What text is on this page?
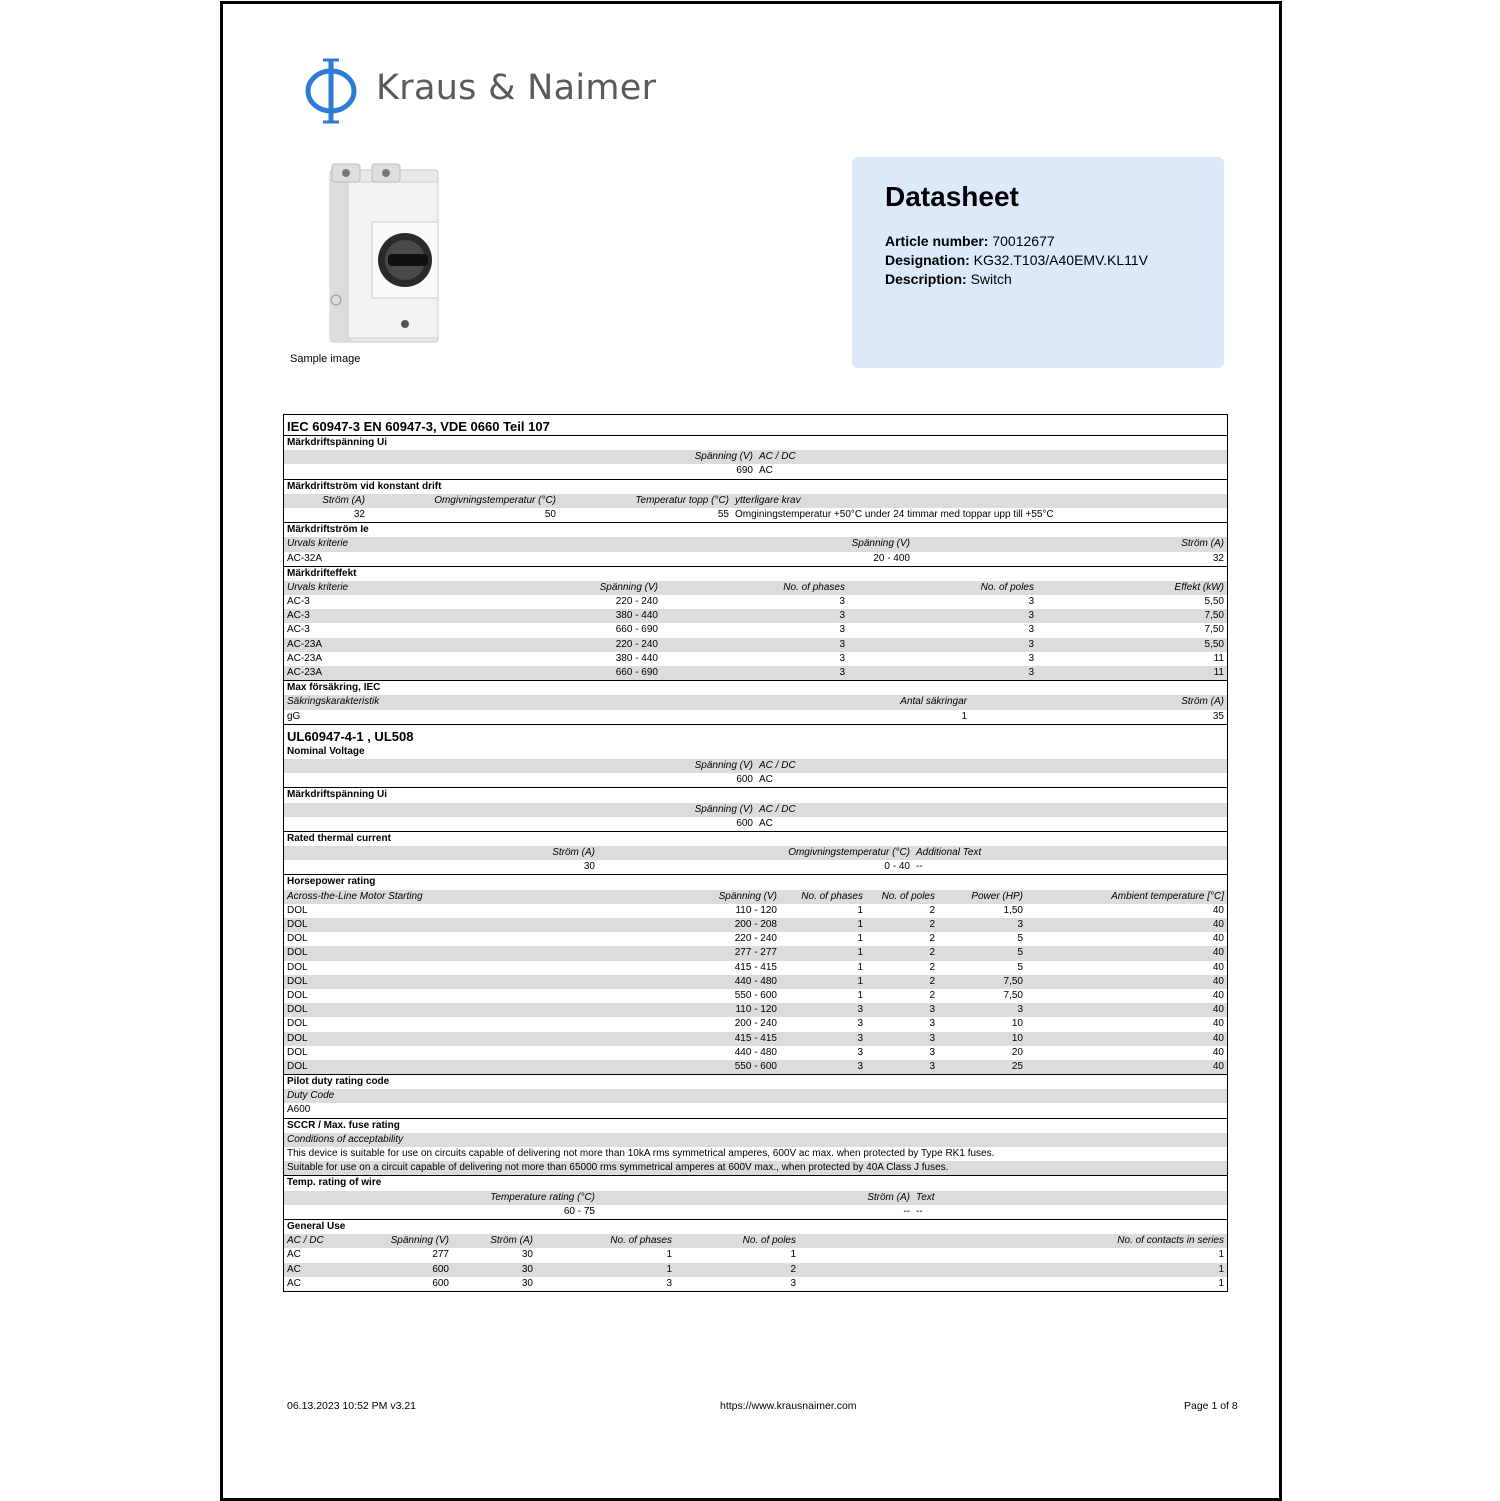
Kraus & Naimer
Sample image
Datasheet
Article number: 70012677
Designation: KG32.T103/A40EMV.KL11V
Description: Switch
IEC 60947-3 EN 60947-3, VDE 0660 Teil 107
Märkdriftspänning Ui
Spänning (V) AC / DC
690 AC
Märkdriftström vid konstant drift
Ström (A)	Omgivningstemperatur (°C)	Temperatur topp (°C) ytterligare krav
32	50	55 Omginingstemperatur +50°C under 24 timmar med toppar upp till +55°C
Märkdriftström Ie
Urvals kriterie	Spänning (V)	Ström (A)
AC-32A	20 - 400	32
Märkdrifteffekt
Urvals kriterie	Spänning (V)	No. of phases	No. of poles	Effekt (kW)
AC-3	220 - 240	3	3	5,50
AC-3	380 - 440	3	3	7,50
AC-3	660 - 690	3	3	7,50
AC-23A	220 - 240	3	3	5,50
AC-23A	380 - 440	3	3	11
AC-23A	660 - 690	3	3	11
Max försäkring, IEC
Säkringskarakteristik	Antal säkringar	Ström (A)
gG	1	35
UL60947-4-1 , UL508
Nominal Voltage
Spänning (V) AC / DC
600 AC
Märkdriftspänning Ui
Spänning (V) AC / DC
600 AC
Rated thermal current
Ström (A)	Omgivningstemperatur (°C) Additional Text
30	0 - 40 --
Horsepower rating
Across-the-Line Motor Starting	Spänning (V)	No. of phases	No. of poles	Power (HP)	Ambient temperature [°C]
DOL	110 - 120	1	2	1,50	40
DOL	200 - 208	1	2	3	40
DOL	220 - 240	1	2	5	40
DOL	277 - 277	1	2	5	40
DOL	415 - 415	1	2	5	40
DOL	440 - 480	1	2	7,50	40
DOL	550 - 600	1	2	7,50	40
DOL	110 - 120	3	3	3	40
DOL	200 - 240	3	3	10	40
DOL	415 - 415	3	3	10	40
DOL	440 - 480	3	3	20	40
DOL	550 - 600	3	3	25	40
Pilot duty rating code
Duty Code
A600
SCCR / Max. fuse rating
Conditions of acceptability
This device is suitable for use on circuits capable of delivering not more than 10kA rms symmetrical amperes, 600V ac max. when protected by Type RK1 fuses.
Suitable for use on a circuit capable of delivering not more than 65000 rms symmetrical amperes at 600V max., when protected by 40A Class J fuses.
Temp. rating of wire
Temperature rating (°C)	Ström (A) Text
60 - 75	-- --
General Use
AC / DC	Spänning (V)	Ström (A)	No. of phases	No. of poles	No. of contacts in series
AC	277	30	1	1	1
AC	600	30	1	2	1
AC	600	30	3	3	1
06.13.2023 10:52 PM v3.21	https://www.krausnaimer.com	Page 1 of 8
